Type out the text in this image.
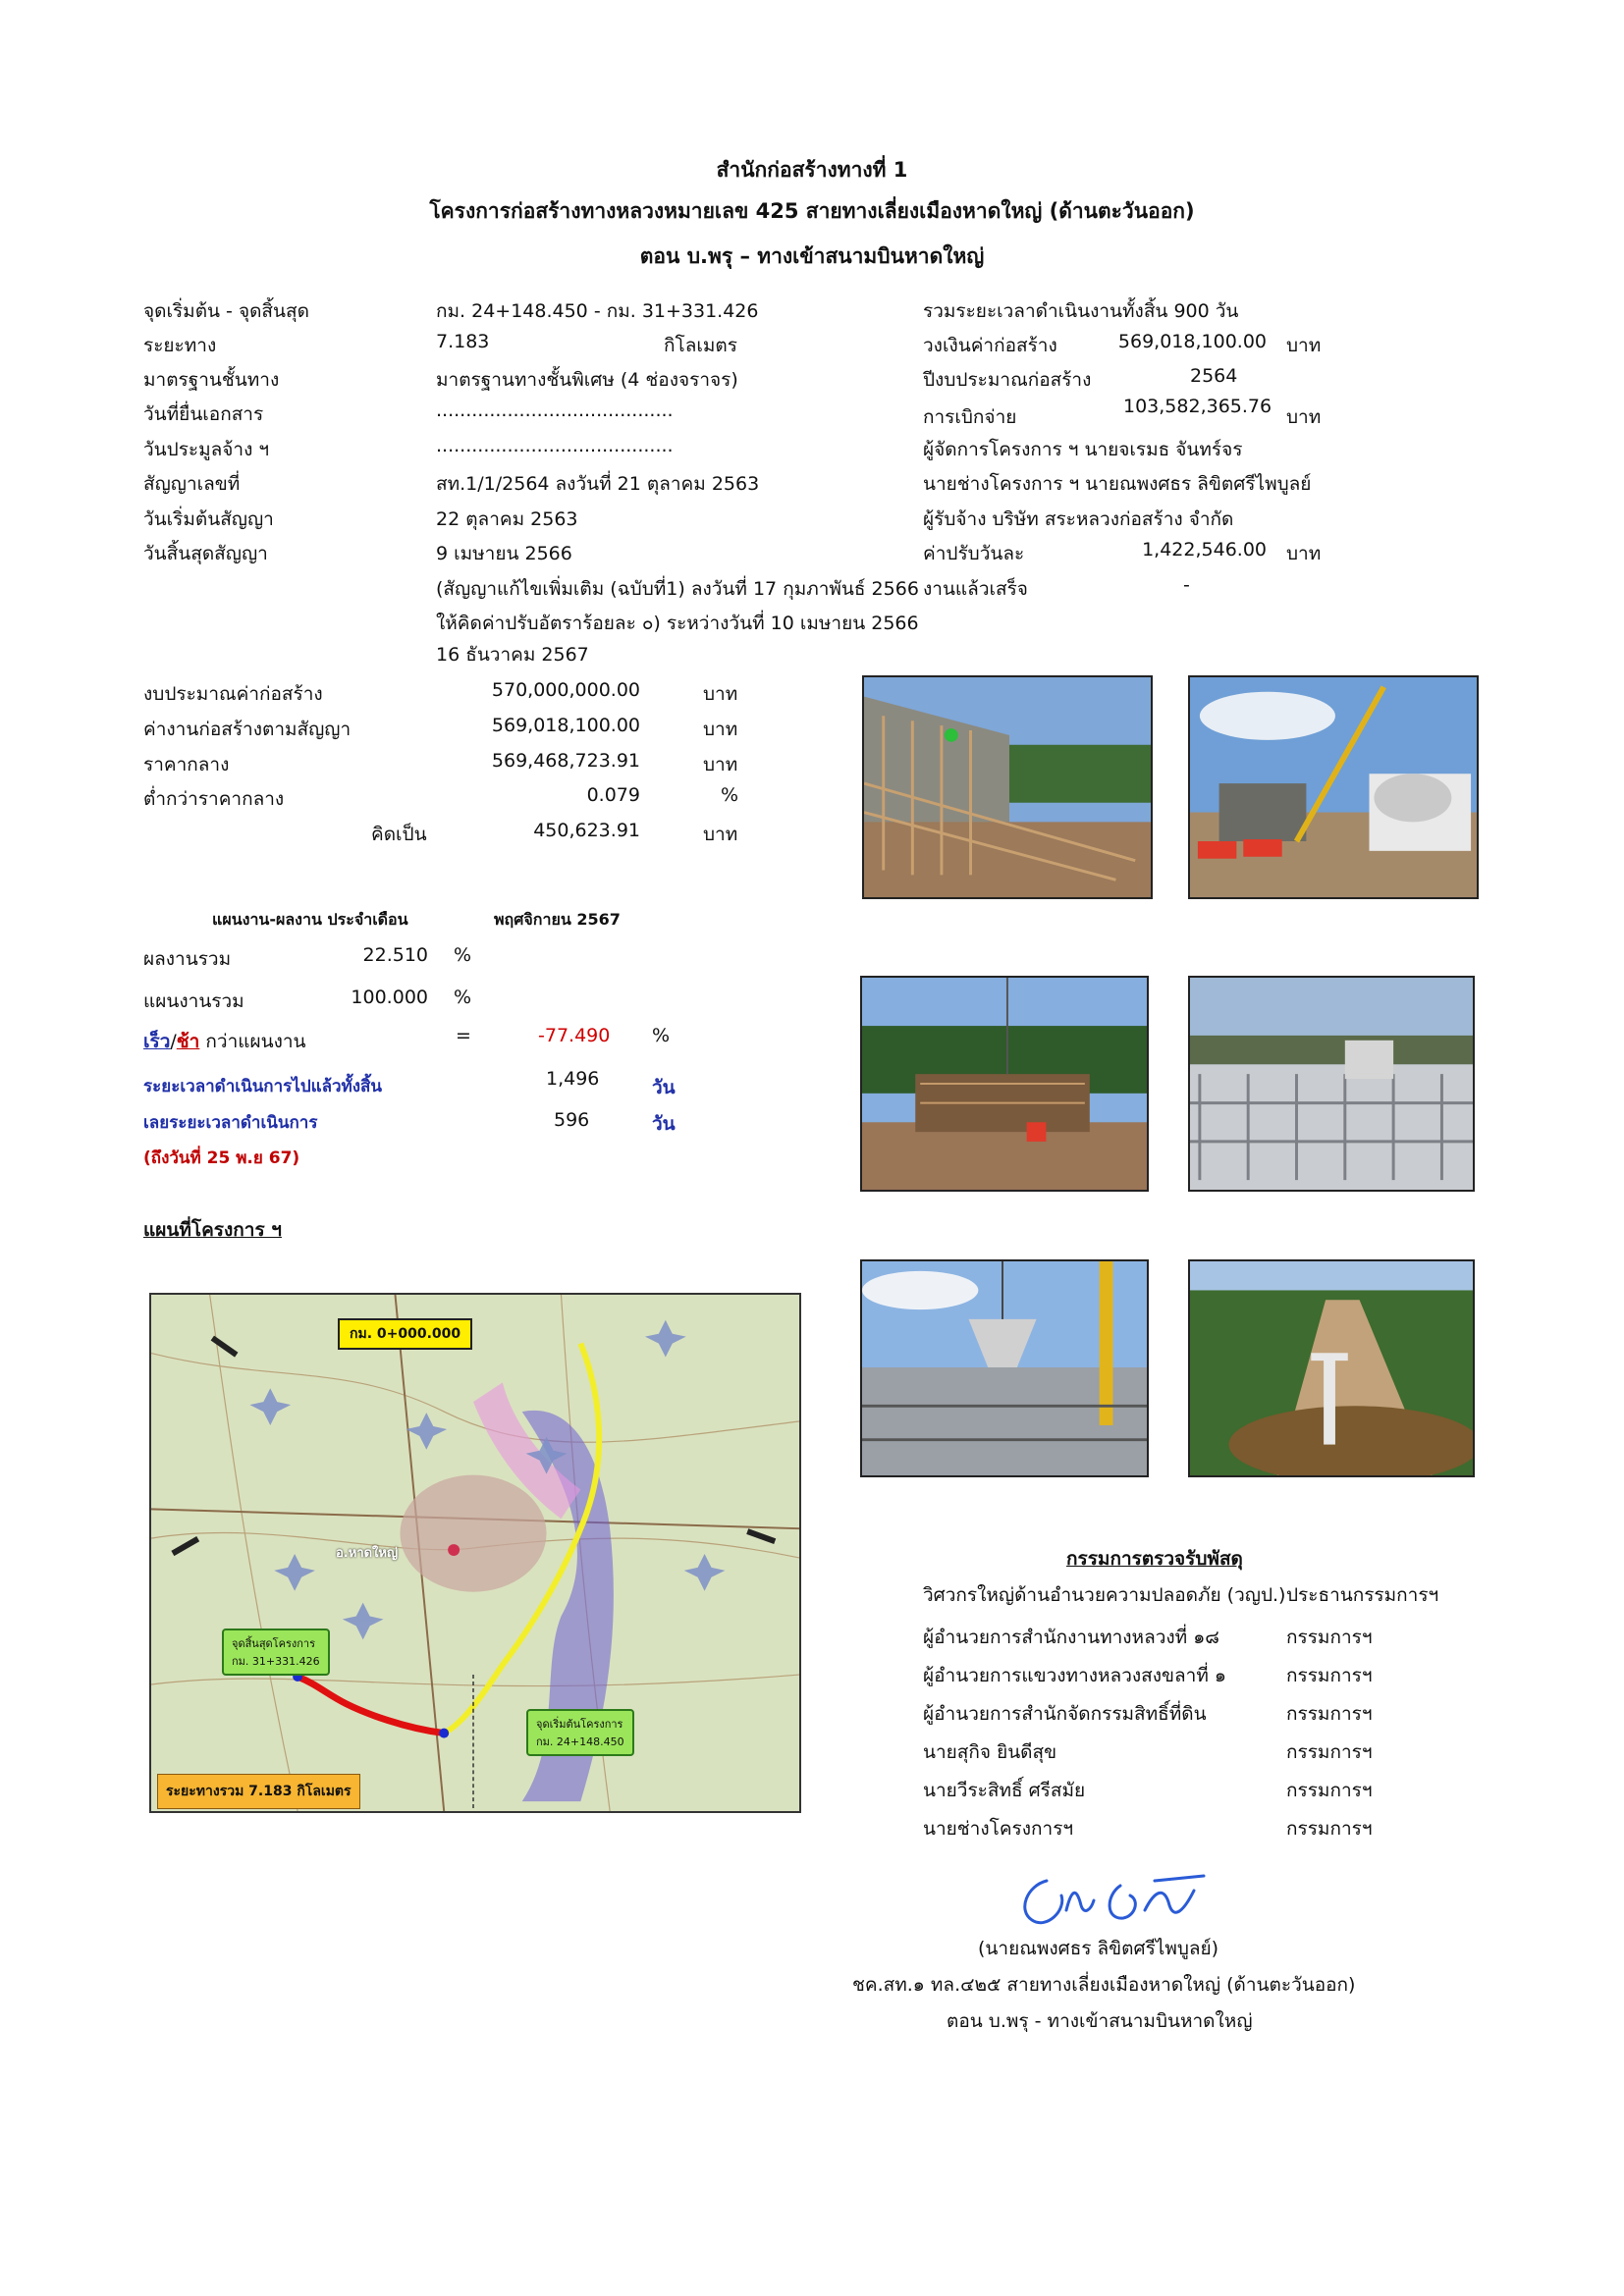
สำนักก่อสร้างทางที่ 1
โครงการก่อสร้างทางหลวงหมายเลข 425 สายทางเลี่ยงเมืองหาดใหญ่ (ด้านตะวันออก)
ตอน บ.พรุ – ทางเข้าสนามบินหาดใหญ่
จุดเริ่มต้น - จุดสิ้นสุด	กม. 24+148.450 - กม. 31+331.426
ระยะทาง	7.183	กิโลเมตร
มาตรฐานชั้นทาง	มาตรฐานทางชั้นพิเศษ (4 ช่องจราจร)
วันที่ยื่นเอกสาร	........................................
วันประมูลจ้าง ฯ	........................................
สัญญาเลขที่	สท.1/1/2564 ลงวันที่ 21 ตุลาคม 2563
วันเริ่มต้นสัญญา	22 ตุลาคม 2563
วันสิ้นสุดสัญญา	9 เมษายน 2566
(สัญญาแก้ไขเพิ่มเติม (ฉบับที่1) ลงวันที่ 17 กุมภาพันธ์ 2566
ให้คิดค่าปรับอัตราร้อยละ ๐) ระหว่างวันที่ 10 เมษายน 2566
16 ธันวาคม 2567
รวมระยะเวลาดำเนินงานทั้งสิ้น 900 วัน
วงเงินค่าก่อสร้าง	569,018,100.00 บาท
ปีงบประมาณก่อสร้าง	2564
การเบิกจ่าย	103,582,365.76 บาท
ผู้จัดการโครงการ ฯ นายจเรมธ จันทร์จร
นายช่างโครงการ ฯ นายณพงศธร ลิขิตศรีไพบูลย์
ผู้รับจ้าง บริษัท สระหลวงก่อสร้าง จำกัด
ค่าปรับวันละ	1,422,546.00 บาท
งานแล้วเสร็จ	-
งบประมาณค่าก่อสร้าง	570,000,000.00	บาท
ค่างานก่อสร้างตามสัญญา	569,018,100.00	บาท
ราคากลาง	569,468,723.91	บาท
ต่ำกว่าราคากลาง	0.079	%
คิดเป็น	450,623.91	บาท
แผนงาน-ผลงาน ประจำเดือน	พฤศจิกายน 2567
ผลงานรวม	22.510 %
แผนงานรวม	100.000 %
เร็ว/ช้า กว่าแผนงาน	=	-77.490 %
ระยะเวลาดำเนินการไปแล้วทั้งสิ้น	1,496	วัน
เลยระยะเวลาดำเนินการ	596	วัน
(ถึงวันที่ 25 พ.ย 67)
แผนที่โครงการ ฯ
กม. 0+000.000
จุดสิ้นสุดโครงการ
กม. 31+331.426
จุดเริ่มต้นโครงการ
กม. 24+148.450
อ.หาดใหญ่
ระยะทางรวม 7.183 กิโลเมตร
กรรมการตรวจรับพัสดุ
วิศวกรใหญ่ด้านอำนวยความปลอดภัย (วญป.) ประธานกรรมการฯ
ผู้อำนวยการสำนักงานทางหลวงที่ ๑๘	กรรมการฯ
ผู้อำนวยการแขวงทางหลวงสงขลาที่ ๑	กรรมการฯ
ผู้อำนวยการสำนักจัดกรรมสิทธิ์ที่ดิน	กรรมการฯ
นายสุกิจ ยินดีสุข	กรรมการฯ
นายวีระสิทธิ์ ศรีสมัย	กรรมการฯ
นายช่างโครงการฯ	กรรมการฯ
(นายณพงศธร ลิขิตศรีไพบูลย์)
ชค.สท.๑ ทล.๔๒๕ สายทางเลี่ยงเมืองหาดใหญ่ (ด้านตะวันออก)
ตอน บ.พรุ - ทางเข้าสนามบินหาดใหญ่
